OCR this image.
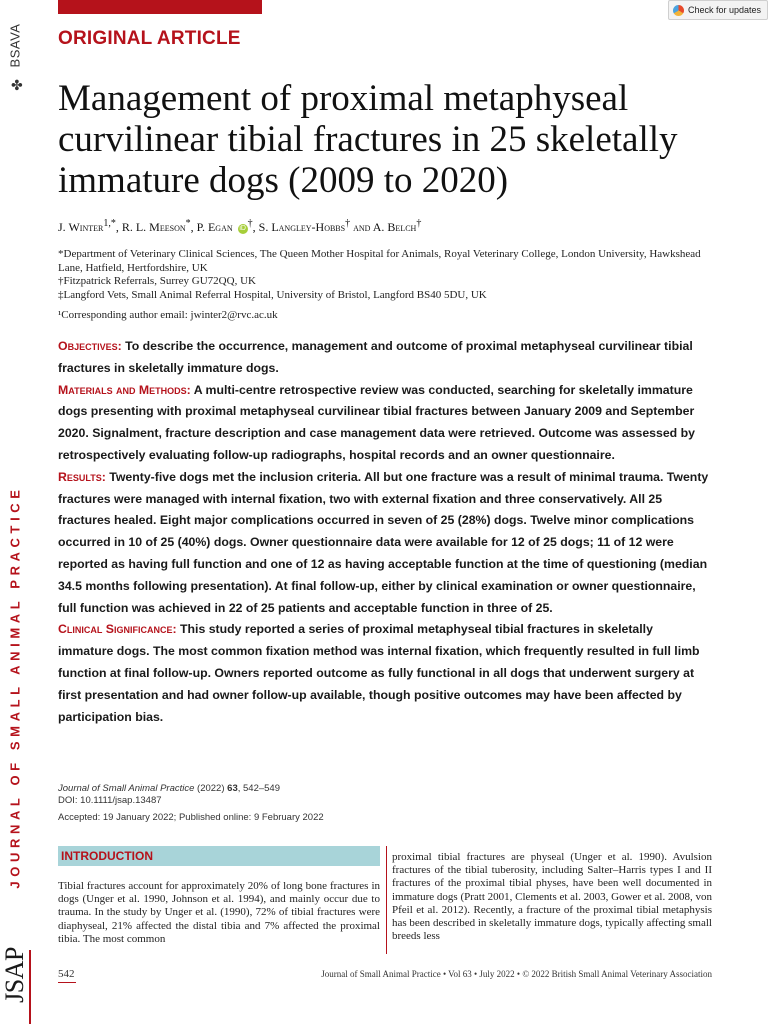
Check for updates
BSAVA
✤
JOURNAL OF SMALL ANIMAL PRACTICE
JSAP
ORIGINAL ARTICLE
Management of proximal metaphyseal curvilinear tibial fractures in 25 skeletally immature dogs (2009 to 2020)
J. Winter$^{1,*}$, R. L. Meeson*, P. Egan iD †, S. Langley-Hobbs† and A. Belch†

*Department of Veterinary Clinical Sciences, The Queen Mother Hospital for Animals, Royal Veterinary College, London University, Hawkshead Lane, Hatfield, Hertfordshire, UK

†Fitzpatrick Referrals, Surrey GU72QQ, UK

‡Langford Vets, Small Animal Referral Hospital, University of Bristol, Langford BS40 5DU, UK

¹Corresponding author email: jwinter2@rvc.ac.uk

Objectives: To describe the occurrence, management and outcome of proximal metaphyseal curvilinear tibial fractures in skeletally immature dogs.

Materials and Methods: A multi-centre retrospective review was conducted, searching for skeletally immature dogs presenting with proximal metaphyseal curvilinear tibial fractures between January 2009 and September 2020. Signalment, fracture description and case management data were retrieved. Outcome was assessed by retrospectively evaluating follow-up radiographs, hospital records and an owner questionnaire.

Results: Twenty-five dogs met the inclusion criteria. All but one fracture was a result of minimal trauma. Twenty fractures were managed with internal fixation, two with external fixation and three conservatively. All 25 fractures healed. Eight major complications occurred in seven of 25 (28%) dogs. Twelve minor complications occurred in 10 of 25 (40%) dogs. Owner questionnaire data were available for 12 of 25 dogs; 11 of 12 were reported as having full function and one of 12 as having acceptable function at the time of questioning (median 34.5 months following presentation). At final follow-up, either by clinical examination or owner questionnaire, full function was achieved in 22 of 25 patients and acceptable function in three of 25.

Clinical Significance: This study reported a series of proximal metaphyseal tibial fractures in skeletally immature dogs. The most common fixation method was internal fixation, which frequently resulted in full limb function at final follow-up. Owners reported outcome as fully functional in all dogs that underwent surgery at first presentation and had owner follow-up available, though positive outcomes may have been affected by participation bias.

Journal of Small Animal Practice (2022) 63, 542–549
DOI: 10.1111/jsap.13487
Accepted: 19 January 2022; Published online: 9 February 2022
INTRODUCTION

Tibial fractures account for approximately 20% of long bone fractures in dogs (Unger et al. 1990, Johnson et al. 1994), and mainly occur due to trauma. In the study by Unger et al. (1990), 72% of tibial fractures were diaphyseal, 21% affected the distal tibia and 7% affected the proximal tibia. The most common

proximal tibial fractures are physeal (Unger et al. 1990). Avulsion fractures of the tibial tuberosity, including Salter–Harris types I and II fractures of the proximal tibial physes, have been well documented in immature dogs (Pratt 2001, Clements et al. 2003, Gower et al. 2008, von Pfeil et al. 2012). Recently, a fracture of the proximal tibial metaphysis has been described in skeletally immature dogs, typically affecting small breeds less

542	Journal of Small Animal Practice • Vol 63 • July 2022 • © 2022 British Small Animal Veterinary Association
